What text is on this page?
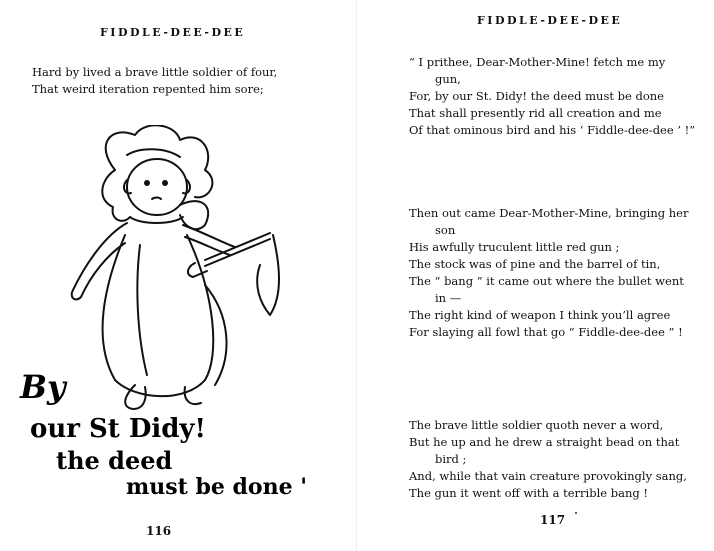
FIDDLE-DEE-DEE
Hard by lived a brave little soldier of four,
That weird iteration repented him sore;
By
our St Didy!
the deed
must be done '
116
FIDDLE-DEE-DEE
“ I prithee, Dear-Mother-Mine! fetch me my
gun,
For, by our St. Didy! the deed must be done
That shall presently rid all creation and me
Of that ominous bird and his ‘ Fiddle-dee-dee ’ !”
Then out came Dear-Mother-Mine, bringing her
son
His awfully truculent little red gun ;
The stock was of pine and the barrel of tin,
The “ bang ” it came out where the bullet went
in —
The right kind of weapon I think you’ll agree
For slaying all fowl that go “ Fiddle-dee-dee ” !
The brave little soldier quoth never a word,
But he up and he drew a straight bead on that
bird ;
And, while that vain creature provokingly sang,
The gun it went off with a terrible bang !
117
